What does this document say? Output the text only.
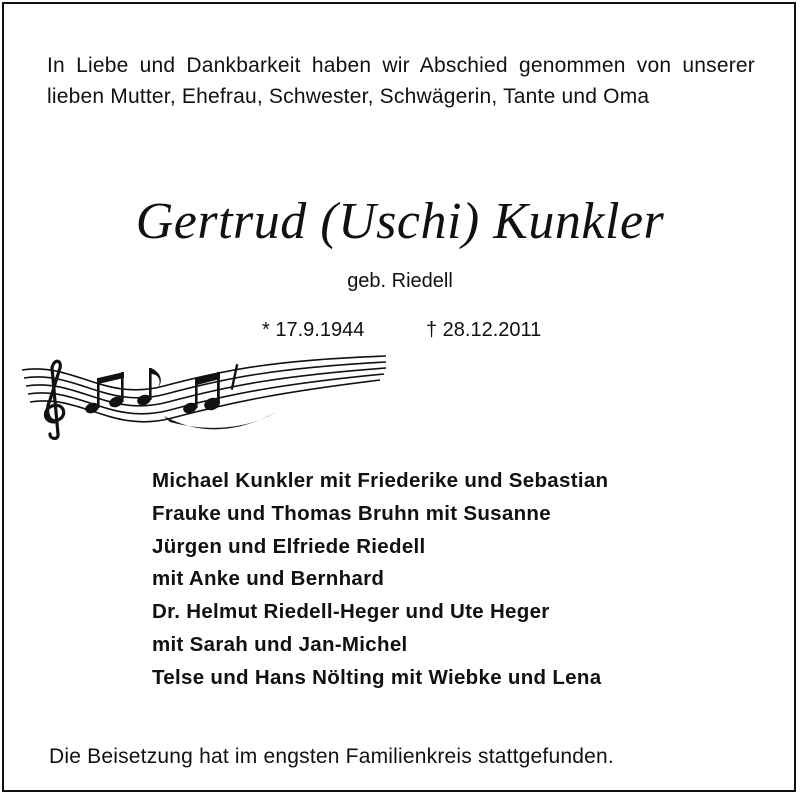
In Liebe und Dankbarkeit haben wir Abschied genommen von unserer lieben Mutter, Ehefrau, Schwester, Schwägerin, Tante und Oma
Gertrud (Uschi) Kunkler
geb. Riedell
* 17.9.1944	† 28.12.2011
Michael Kunkler mit Friederike und Sebastian
Frauke und Thomas Bruhn mit Susanne
Jürgen und Elfriede Riedell
mit Anke und Bernhard
Dr. Helmut Riedell-Heger und Ute Heger
mit Sarah und Jan-Michel
Telse und Hans Nölting mit Wiebke und Lena
Die Beisetzung hat im engsten Familienkreis stattgefunden.
